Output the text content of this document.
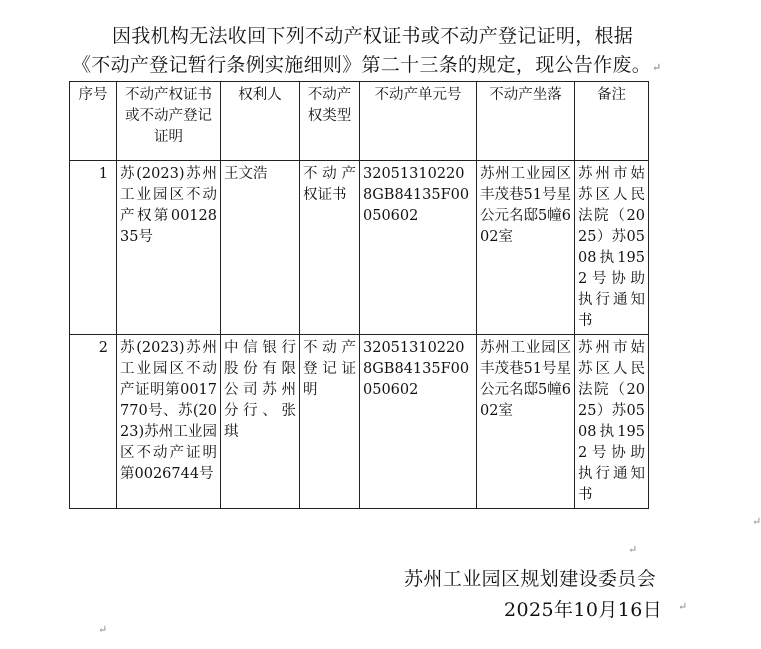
因我机构无法收回下列不动产权证书或不动产登记证明，根据
《不动产登记暂行条例实施细则》第二十三条的规定，现公告作废。↵
序号	不动产权证书或不动产登记证明	权利人	不动产权类型	不动产单元号	不动产坐落	备注
1	苏(2023)苏州工业园区不动产权第0012835号	王文浩	不动产权证书	320513102208GB84135F00050602	苏州工业园区丰茂巷51号星公元名邸5幢602室	苏州市姑苏区人民法院（2025）苏0508执1952号协助执行通知书
2	苏(2023)苏州工业园区不动产证明第0017770号、苏(2023)苏州工业园区不动产证明第0026744号	中信银行股份有限公司苏州分行、张琪	不动产登记证明	320513102208GB84135F00050602	苏州工业园区丰茂巷51号星公元名邸5幢602室	苏州市姑苏区人民法院（2025）苏0508执1952号协助执行通知书
苏州工业园区规划建设委员会
2025年10月16日
↵
↵
↵
↵
